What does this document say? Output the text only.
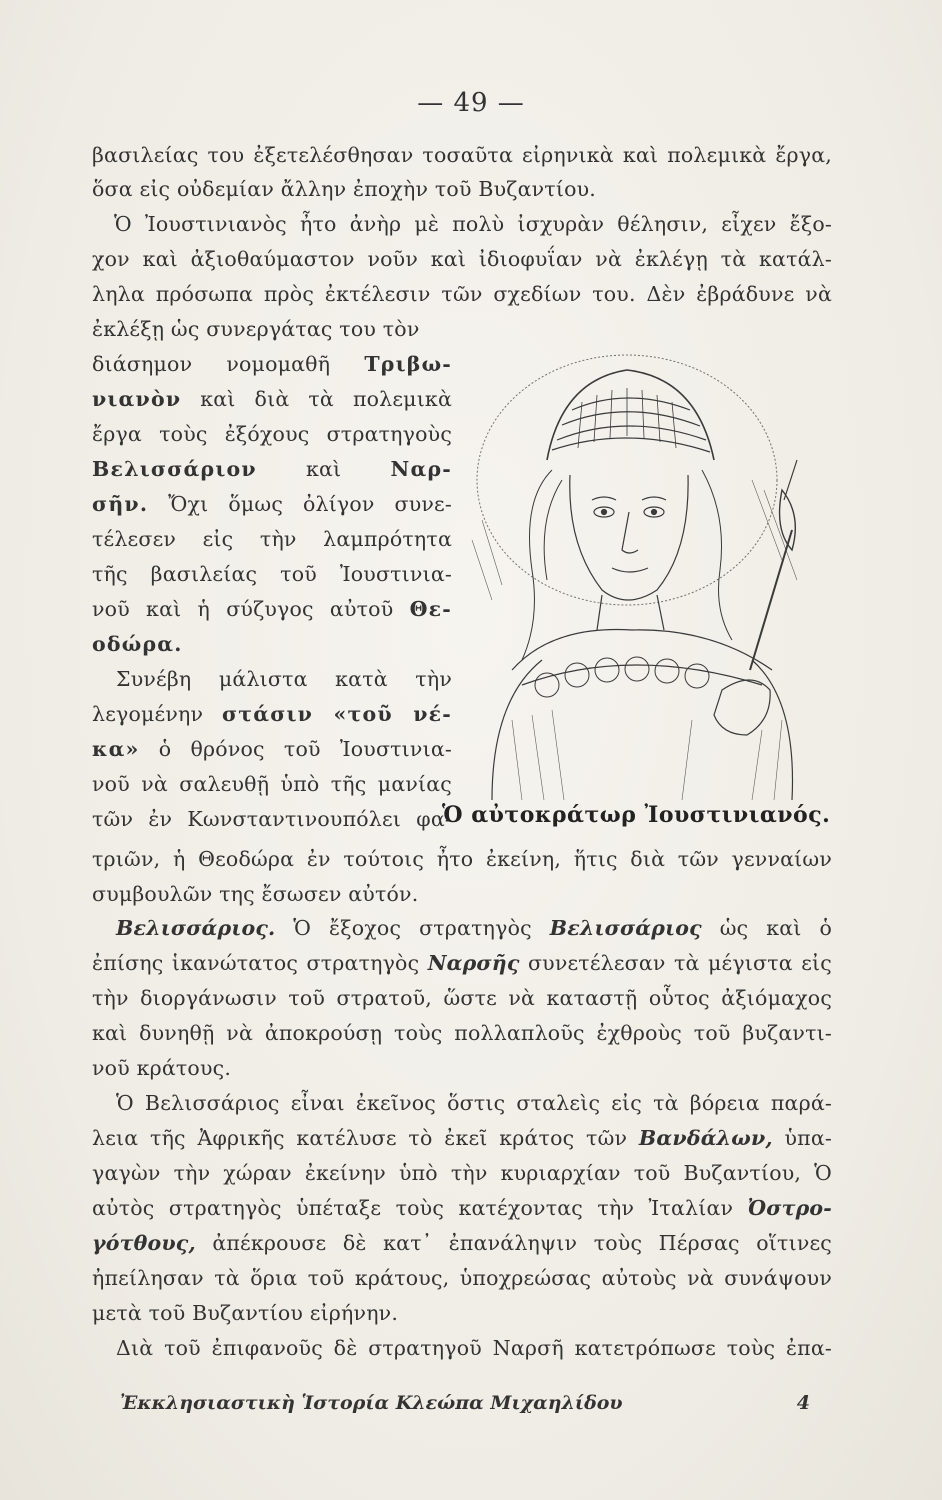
— 49 —
βασιλείας του ἐξετελέσθησαν τοσαῦτα εἰρηνικὰ καὶ πολεμικὰ ἔργα,
ὅσα εἰς οὐδεμίαν ἄλλην ἐποχὴν τοῦ Βυζαντίου.
Ὁ Ἰουστινιανὸς ἦτο ἀνὴρ μὲ πολὺ ἰσχυρὰν θέλησιν, εἶχεν ἔξο-
χον καὶ ἀξιοθαύμαστον νοῦν καὶ ἰδιοφυΐαν νὰ ἐκλέγῃ τὰ κατάλ-
ληλα πρόσωπα πρὸς ἐκτέλεσιν τῶν σχεδίων του. Δὲν ἐβράδυνε νὰ
ἐκλέξῃ ὡς συνεργάτας του τὸν
διάσημον νομομαθῆ Τριβω-
νιανὸν καὶ διὰ τὰ πολεμικὰ
ἔργα τοὺς ἐξόχους στρατηγοὺς
Βελισσάριον καὶ Ναρ-
σῆν. Ὄχι ὅμως ὀλίγον συνε-
τέλεσεν εἰς τὴν λαμπρότητα
τῆς βασιλείας τοῦ Ἰουστινια-
νοῦ καὶ ἡ σύζυγος αὐτοῦ Θε-
οδώρα.
Συνέβη μάλιστα κατὰ τὴν
λεγομένην στάσιν «τοῦ νέ-
κα» ὁ θρόνος τοῦ Ἰουστινια-
νοῦ νὰ σαλευθῇ ὑπὸ τῆς μανίας
τῶν ἐν Κωνσταντινουπόλει φα-
Ὁ αὐτοκράτωρ Ἰουστινιανός.
τριῶν, ἡ Θεοδώρα ἐν τούτοις ἦτο ἐκείνη, ἥτις διὰ τῶν γενναίων
συμβουλῶν της ἔσωσεν αὐτόν.
Βελισσάριος. Ὁ ἔξοχος στρατηγὸς Βελισσάριος ὡς καὶ ὁ
ἐπίσης ἱκανώτατος στρατηγὸς Ναρσῆς συνετέλεσαν τὰ μέγιστα εἰς
τὴν διοργάνωσιν τοῦ στρατοῦ, ὥστε νὰ καταστῇ οὗτος ἀξιόμαχος
καὶ δυνηθῇ νὰ ἀποκρούσῃ τοὺς πολλαπλοῦς ἐχθροὺς τοῦ βυζαντι-
νοῦ κράτους.
Ὁ Βελισσάριος εἶναι ἐκεῖνος ὅστις σταλεὶς εἰς τὰ βόρεια παρά-
λεια τῆς Ἀφρικῆς κατέλυσε τὸ ἐκεῖ κράτος τῶν Βανδάλων, ὑπα-
γαγὼν τὴν χώραν ἐκείνην ὑπὸ τὴν κυριαρχίαν τοῦ Βυζαντίου, Ὁ
αὐτὸς στρατηγὸς ὑπέταξε τοὺς κατέχοντας τὴν Ἰταλίαν Ὀστρο-
γότθους, ἀπέκρουσε δὲ κατ᾽ ἐπανάληψιν τοὺς Πέρσας οἵτινες
ἠπείλησαν τὰ ὅρια τοῦ κράτους, ὑποχρεώσας αὐτοὺς νὰ συνάψουν
μετὰ τοῦ Βυζαντίου εἰρήνην.
Διὰ τοῦ ἐπιφανοῦς δὲ στρατηγοῦ Ναρσῆ κατετρόπωσε τοὺς ἐπα-
Ἐκκλησιαστικὴ Ἱστορία Κλεώπα Μιχαηλίδου	4
